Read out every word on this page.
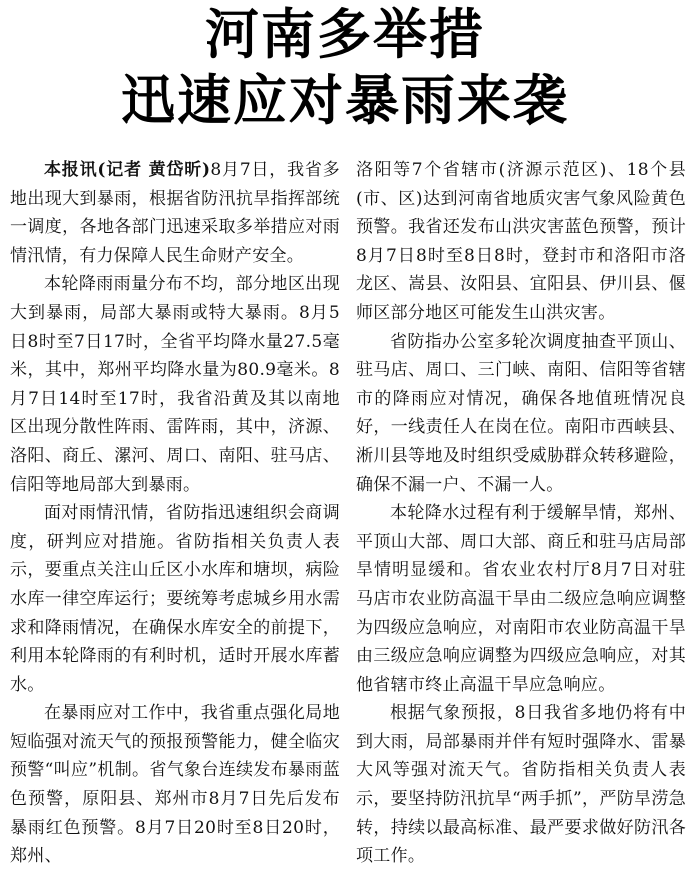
河南多举措
迅速应对暴雨来袭

本报讯(记者 黄岱昕)8月7日，我省多地出现大到暴雨，根据省防汛抗旱指挥部统一调度，各地各部门迅速采取多举措应对雨情汛情，有力保障人民生命财产安全。

本轮降雨雨量分布不均，部分地区出现大到暴雨，局部大暴雨或特大暴雨。8月5日8时至7日17时，全省平均降水量27.5毫米，其中，郑州平均降水量为80.9毫米。8月7日14时至17时，我省沿黄及其以南地区出现分散性阵雨、雷阵雨，其中，济源、洛阳、商丘、漯河、周口、南阳、驻马店、信阳等地局部大到暴雨。

面对雨情汛情，省防指迅速组织会商调度，研判应对措施。省防指相关负责人表示，要重点关注山丘区小水库和塘坝，病险水库一律空库运行；要统筹考虑城乡用水需求和降雨情况，在确保水库安全的前提下，利用本轮降雨的有利时机，适时开展水库蓄水。

在暴雨应对工作中，我省重点强化局地短临强对流天气的预报预警能力，健全临灾预警“叫应”机制。省气象台连续发布暴雨蓝色预警，原阳县、郑州市8月7日先后发布暴雨红色预警。8月7日20时至8日20时，郑州、

洛阳等7个省辖市(济源示范区)、18个县(市、区)达到河南省地质灾害气象风险黄色预警。我省还发布山洪灾害蓝色预警，预计8月7日8时至8日8时，登封市和洛阳市洛龙区、嵩县、汝阳县、宜阳县、伊川县、偃师区部分地区可能发生山洪灾害。

省防指办公室多轮次调度抽查平顶山、驻马店、周口、三门峡、南阳、信阳等省辖市的降雨应对情况，确保各地值班情况良好，一线责任人在岗在位。南阳市西峡县、淅川县等地及时组织受威胁群众转移避险，确保不漏一户、不漏一人。

本轮降水过程有利于缓解旱情，郑州、平顶山大部、周口大部、商丘和驻马店局部旱情明显缓和。省农业农村厅8月7日对驻马店市农业防高温干旱由二级应急响应调整为四级应急响应，对南阳市农业防高温干旱由三级应急响应调整为四级应急响应，对其他省辖市终止高温干旱应急响应。

根据气象预报，8日我省多地仍将有中到大雨，局部暴雨并伴有短时强降水、雷暴大风等强对流天气。省防指相关负责人表示，要坚持防汛抗旱“两手抓”，严防旱涝急转，持续以最高标准、最严要求做好防汛各项工作。
